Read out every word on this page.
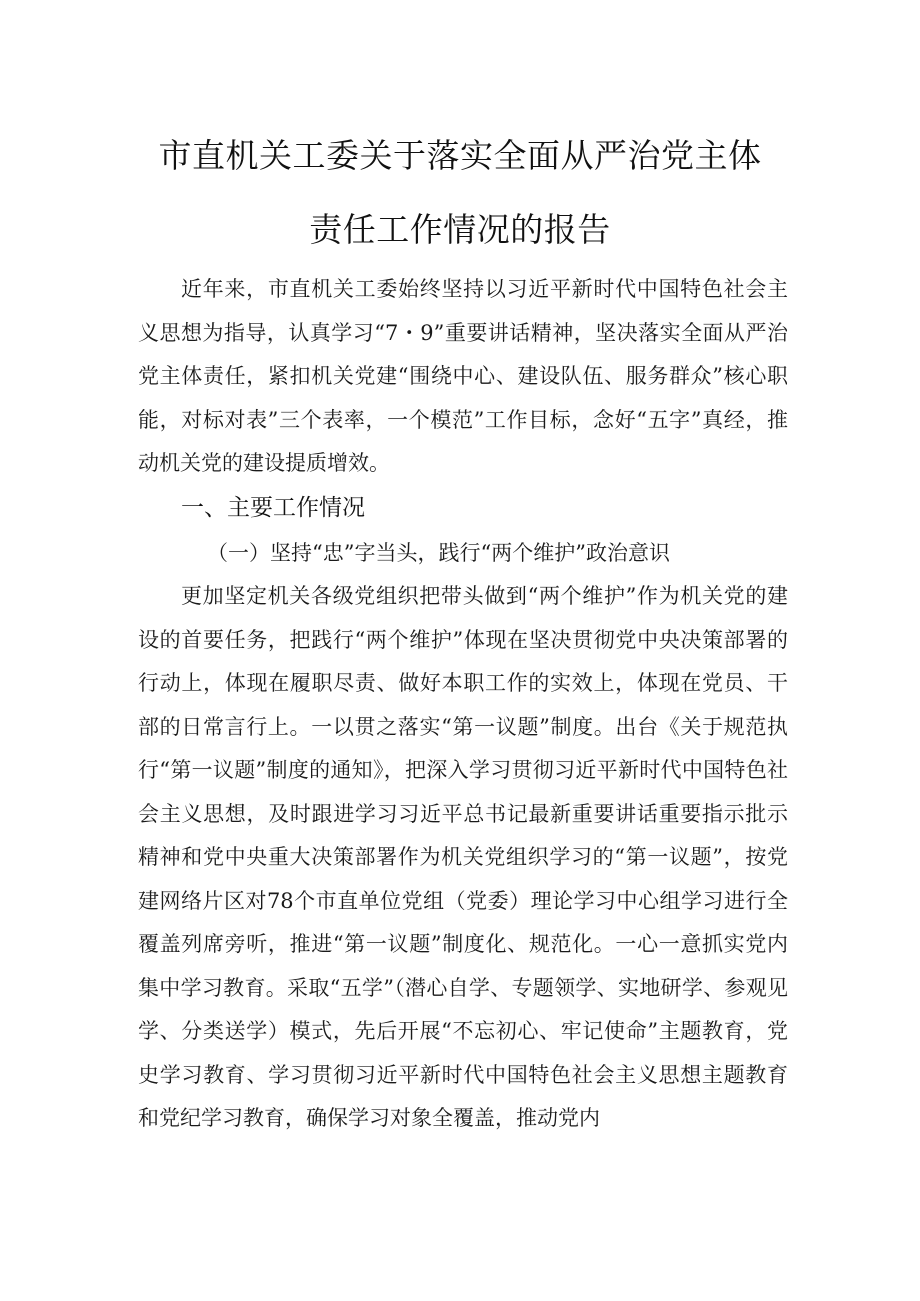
市直机关工委关于落实全面从严治党主体
责任工作情况的报告
近年来，市直机关工委始终坚持以习近平新时代中国特色社会主义思想为指导，认真学习“7・9”重要讲话精神，坚决落实全面从严治党主体责任，紧扣机关党建“围绕中心、建设队伍、服务群众”核心职能，对标对表”三个表率，一个模范”工作目标，念好“五字”真经，推动机关党的建设提质增效。
一、主要工作情况
（一）坚持“忠”字当头，践行“两个维护”政治意识
更加坚定机关各级党组织把带头做到“两个维护”作为机关党的建设的首要任务，把践行“两个维护”体现在坚决贯彻党中央决策部署的行动上，体现在履职尽责、做好本职工作的实效上，体现在党员、干部的日常言行上。一以贯之落实“第一议题”制度。出台《关于规范执行“第一议题”制度的通知》，把深入学习贯彻习近平新时代中国特色社会主义思想，及时跟进学习习近平总书记最新重要讲话重要指示批示精神和党中央重大决策部署作为机关党组织学习的“第一议题”，按党建网络片区对78个市直单位党组（党委）理论学习中心组学习进行全覆盖列席旁听，推进“第一议题”制度化、规范化。一心一意抓实党内集中学习教育。采取“五学”（潜心自学、专题领学、实地研学、参观见学、分类送学）模式，先后开展“不忘初心、牢记使命”主题教育，党史学习教育、学习贯彻习近平新时代中国特色社会主义思想主题教育和党纪学习教育，确保学习对象全覆盖，推动党内
